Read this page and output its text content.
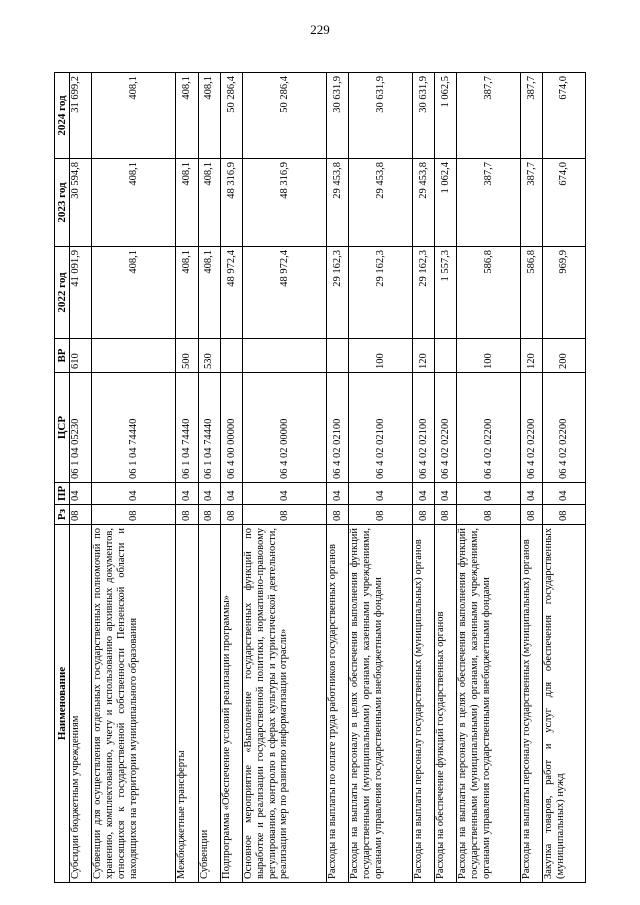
229
Наименование	Рз	ПР	ЦСР	ВР	2022 год	2023 год	2024 год
Субсидии бюджетным учреждениям	08	04	06 1 04 05230	610	41 091,9	30 594,8	31 699,2
Субвенции для осуществления отдельных государственных полномочий по хранению, комплектованию, учету и использованию архивных документов, относящихся к государственной собственности Пензенской области и находящихся на территории муниципального образования	08	04	06 1 04 74440		408,1	408,1	408,1
Межбюджетные трансферты	08	04	06 1 04 74440	500	408,1	408,1	408,1
Субвенции	08	04	06 1 04 74440	530	408,1	408,1	408,1
Подпрограмма «Обеспечение условий реализации программы»	08	04	06 4 00 00000		48 972,4	48 316,9	50 286,4
Основное мероприятие «Выполнение государственных функций по выработке и реализации государственной политики, нормативно-правовому регулированию, контролю в сферах культуры и туристической деятельности, реализации мер по развитию информатизации отрасли»	08	04	06 4 02 00000		48 972,4	48 316,9	50 286,4
Расходы на выплаты по оплате труда работников государственных органов	08	04	06 4 02 02100		29 162,3	29 453,8	30 631,9
Расходы на выплаты персоналу в целях обеспечения выполнения функций государственными (муниципальными) органами, казенными учреждениями, органами управления государственными внебюджетными фондами	08	04	06 4 02 02100	100	29 162,3	29 453,8	30 631,9
Расходы на выплаты персоналу государственных (муниципальных) органов	08	04	06 4 02 02100	120	29 162,3	29 453,8	30 631,9
Расходы на обеспечение функций государственных органов	08	04	06 4 02 02200		1 557,3	1 062,4	1 062,5
Расходы на выплаты персоналу в целях обеспечения выполнения функций государственными (муниципальными) органами, казенными учреждениями, органами управления государственными внебюджетными фондами	08	04	06 4 02 02200	100	586,8	387,7	387,7
Расходы на выплаты персоналу государственных (муниципальных) органов	08	04	06 4 02 02200	120	586,8	387,7	387,7
Закупка товаров, работ и услуг для обеспечения государственных (муниципальных) нужд	08	04	06 4 02 02200	200	969,9	674,0	674,0
